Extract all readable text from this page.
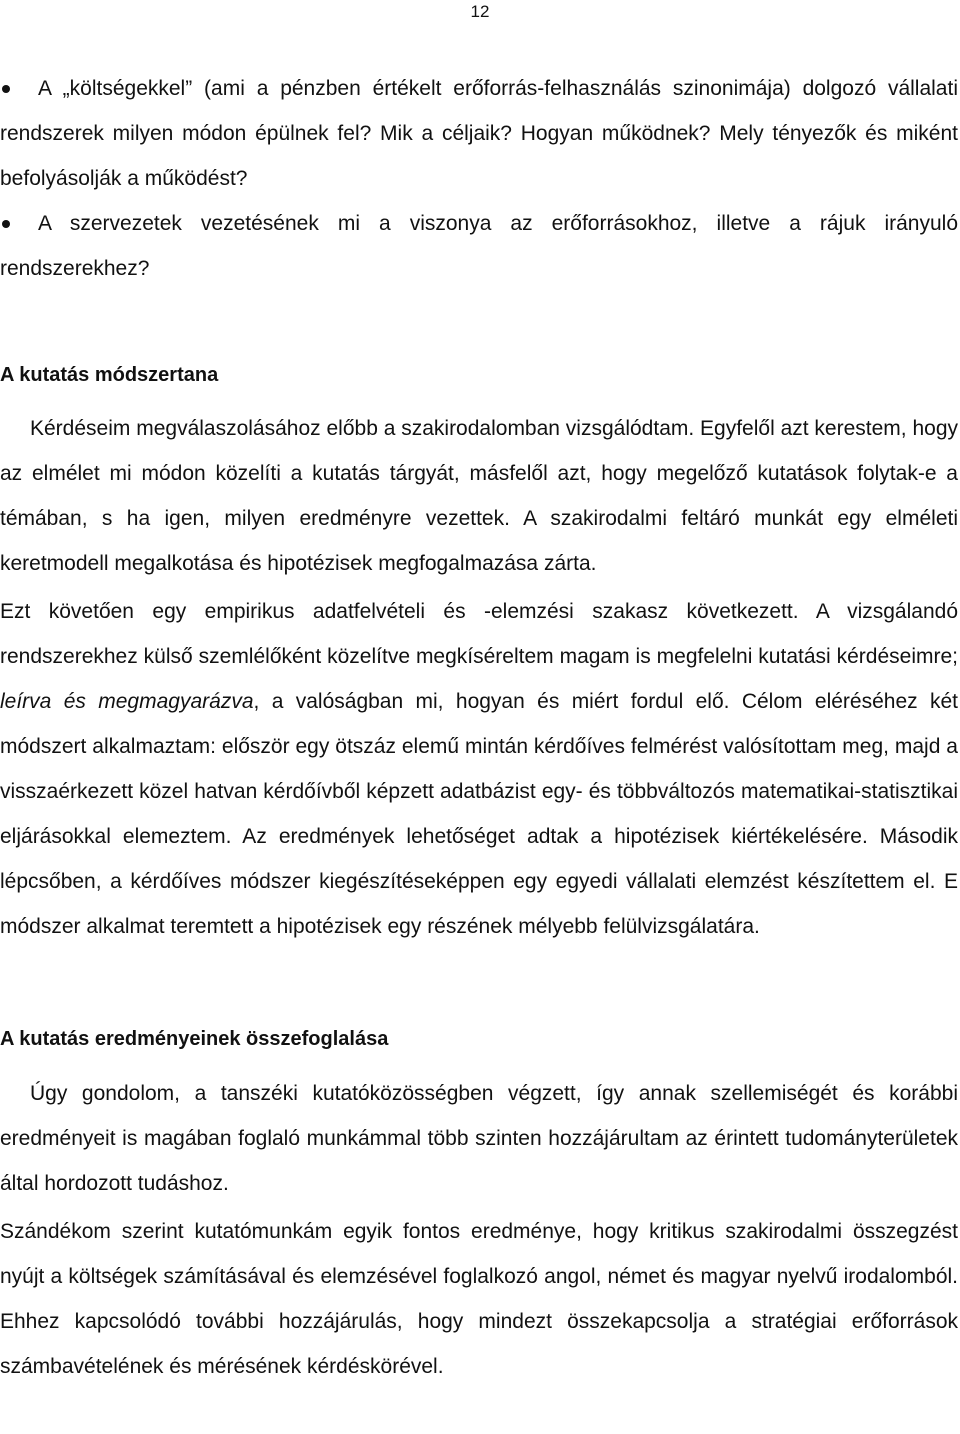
12
A „költségekkel” (ami a pénzben értékelt erőforrás-felhasználás szinonimája) dolgozó vállalati rendszerek milyen módon épülnek fel? Mik a céljaik? Hogyan működnek? Mely tényezők és miként befolyásolják a működést?
A szervezetek vezetésének mi a viszonya az erőforrásokhoz, illetve a rájuk irányuló rendszerekhez?
A kutatás módszertana

Kérdéseim megválaszolásához előbb a szakirodalomban vizsgálódtam. Egyfelől azt kerestem, hogy az elmélet mi módon közelíti a kutatás tárgyát, másfelől azt, hogy megelőző kutatások folytak-e a témában, s ha igen, milyen eredményre vezettek. A szakirodalmi feltáró munkát egy elméleti keretmodell megalkotása és hipotézisek megfogalmazása zárta.

Ezt követően egy empirikus adatfelvételi és -elemzési szakasz következett. A vizsgálandó rendszerekhez külső szemlélőként közelítve megkíséreltem magam is megfelelni kutatási kérdéseimre; leírva és megmagyarázva, a valóságban mi, hogyan és miért fordul elő. Célom eléréséhez két módszert alkalmaztam: először egy ötszáz elemű mintán kérdőíves felmérést valósítottam meg, majd a visszaérkezett közel hatvan kérdőívből képzett adatbázist egy- és többváltozós matematikai-statisztikai eljárásokkal elemeztem. Az eredmények lehetőséget adtak a hipotézisek kiértékelésére. Második lépcsőben, a kérdőíves módszer kiegészítéseképpen egy egyedi vállalati elemzést készítettem el. E módszer alkalmat teremtett a hipotézisek egy részének mélyebb felülvizsgálatára.

A kutatás eredményeinek összefoglalása

Úgy gondolom, a tanszéki kutatóközösségben végzett, így annak szellemiségét és korábbi eredményeit is magában foglaló munkámmal több szinten hozzájárultam az érintett tudományterületek által hordozott tudáshoz.

Szándékom szerint kutatómunkám egyik fontos eredménye, hogy kritikus szakirodalmi összegzést nyújt a költségek számításával és elemzésével foglalkozó angol, német és magyar nyelvű irodalomból. Ehhez kapcsolódó további hozzájárulás, hogy mindezt összekapcsolja a stratégiai erőforrások számbavételének és mérésének kérdéskörével.
